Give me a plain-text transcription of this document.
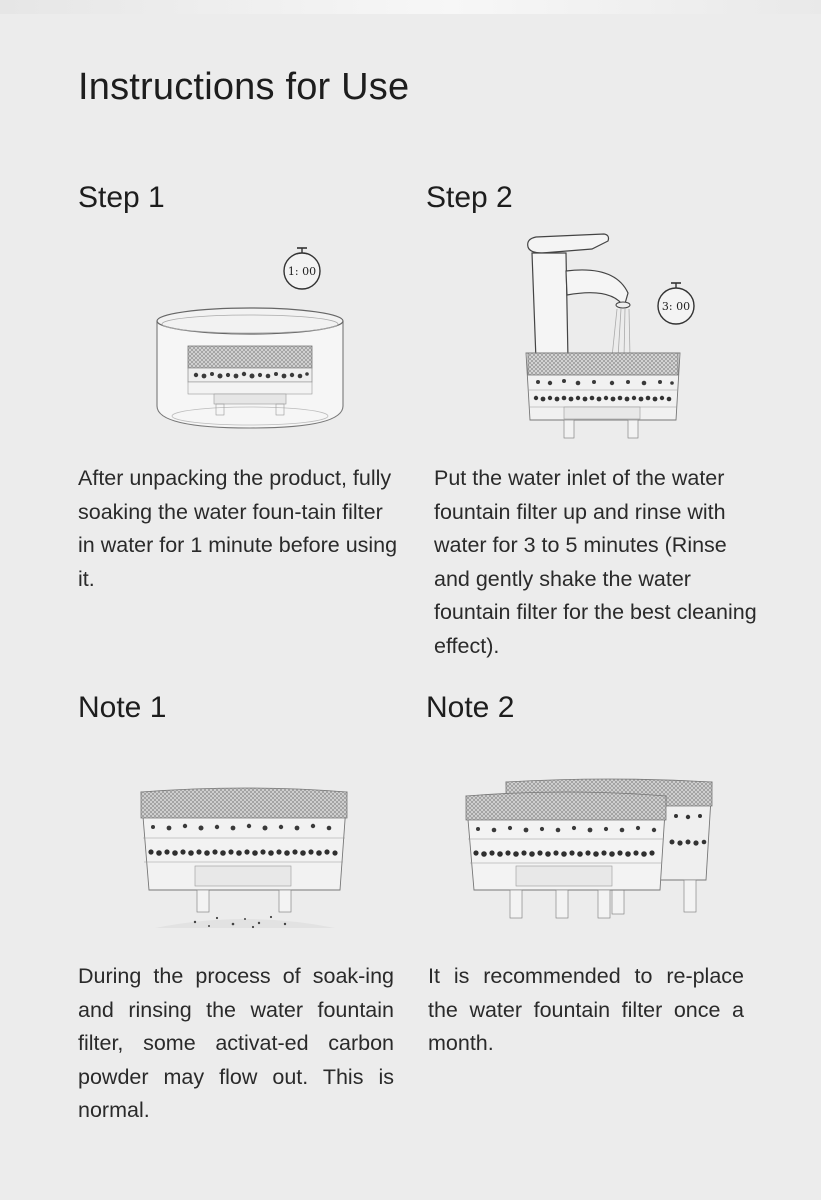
Instructions for Use
Step 1
1: 00

After unpacking the product, fully soaking the water foun-tain filter in water for 1 minute before using it.

Step 2
3: 00

Put the water inlet of the water fountain filter up and rinse with water for 3 to 5 minutes (Rinse and gently shake the water fountain filter for the best cleaning effect).

Note 1

During the process of soak-ing and rinsing the water fountain filter, some activat-ed carbon powder may flow out. This is normal.

Note 2

It is recommended to re-place the water fountain filter once a month.
